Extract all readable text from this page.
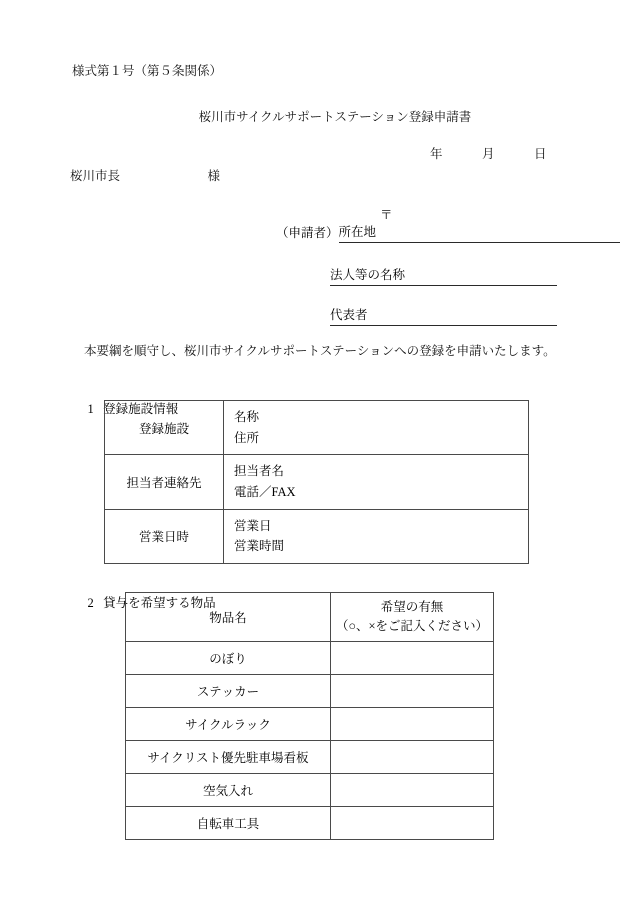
様式第１号（第５条関係）
桜川市サイクルサポートステーション登録申請書
年　　　月　　　日
桜川市長　　　　　　　様
〒
（申請者） 所在地
法人等の名称
代表者
本要綱を順守し、桜川市サイクルサポートステーションへの登録を申請いたします。

1 登録施設情報

登録施設	名称
住所

担当者連絡先	担当者名
電話／FAX

営業日時	営業日
営業時間

2 貸与を希望する物品

物品名	希望の有無
（○、×をご記入ください）

のぼり	
ステッカー	
サイクルラック	
サイクリスト優先駐車場看板	
空気入れ	
自転車工具	
